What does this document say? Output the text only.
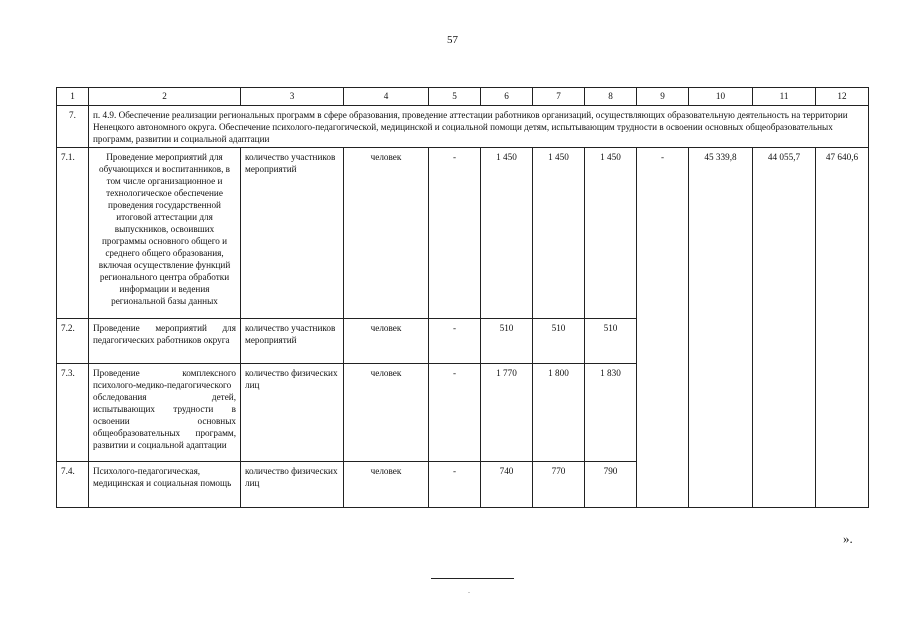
57
1	2	3	4	5	6	7	8	9	10	11	12
7.	п. 4.9. Обеспечение реализации региональных программ в сфере образования, проведение аттестации работников организаций, осуществляющих образовательную деятельность на территории Ненецкого автономного округа. Обеспечение психолого-педагогической, медицинской и социальной помощи детям, испытывающим трудности в освоении основных общеобразовательных программ, развитии и социальной адаптации										
7.1.	Проведение мероприятий для обучающихся и воспитанников, в том числе организационное и технологическое обеспечение проведения государственной итоговой аттестации для выпускников, освоивших программы основного общего и среднего общего образования, включая осуществление функций регионального центра обработки информации и ведения региональной базы данных	количество участников мероприятий	человек	-	1 450	1 450	1 450	-	45 339,8	44 055,7	47 640,6
7.2.	Проведение мероприятий для педагогических работников округа	количество участников мероприятий	человек	-	510	510	510				
7.3.	Проведение комплексного психолого-медико-педагогического обследования детей, испытывающих трудности в освоении основных общеобразовательных программ, развитии и социальной адаптации	количество физических лиц	человек	-	1 770	1 800	1 830				
7.4.	Психолого-педагогическая, медицинская и социальная помощь	количество физических лиц	человек	-	740	770	790				
».
.
